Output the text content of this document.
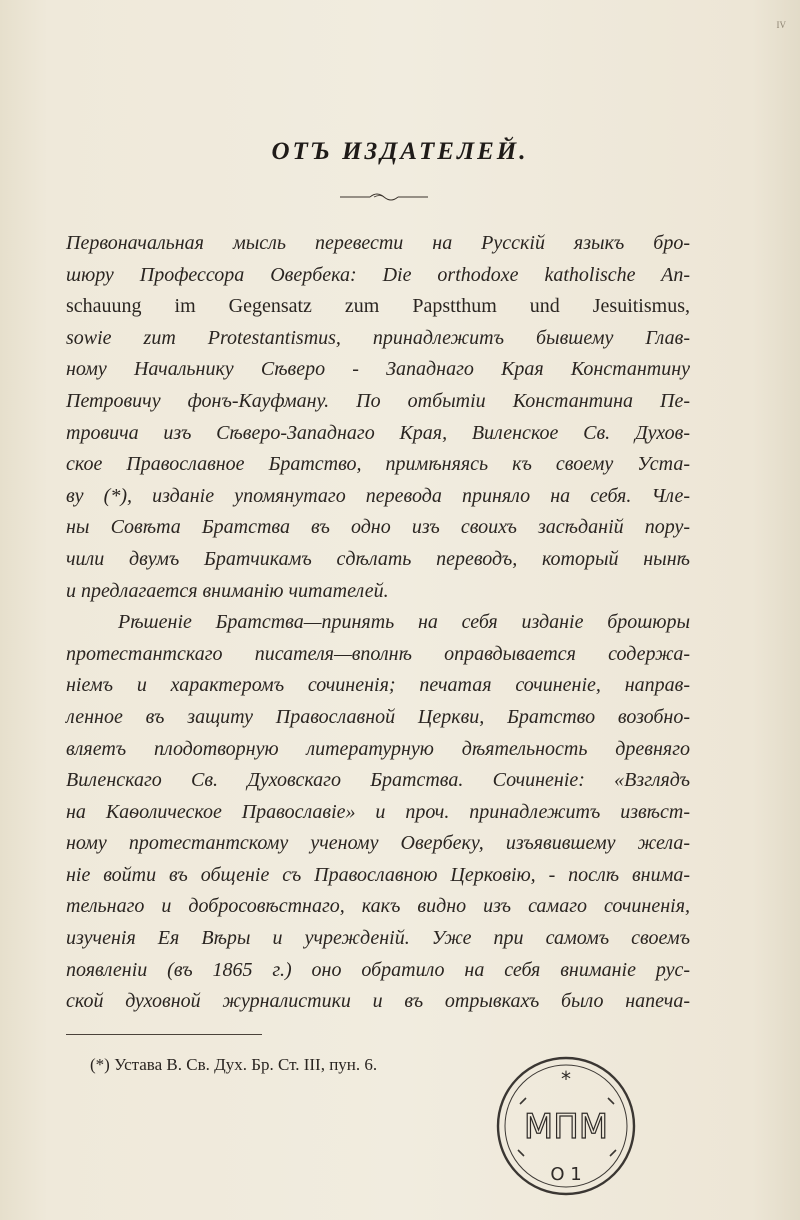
IV
ОТЪ ИЗДАТЕЛЕЙ.
Первоначальная мысль перевести на Русскій языкъ бро-
шюру Профессора Овербека: Die orthodoxe katholische An-
schauung im Gegensatz zum Papstthum und Jesuitismus,
sowie zum Protestantismus, принадлежитъ бывшему Глав-
ному Начальнику Сѣверо - Западнаго Края Константину
Петровичу фонъ-Кауфману. По отбытіи Константина Пе-
тровича изъ Сѣверо-Западнаго Края, Виленское Св. Духов-
ское Православное Братство, примѣняясь къ своему Уста-
ву (*), изданіе упомянутаго перевода приняло на себя. Чле-
ны Совѣта Братства въ одно изъ своихъ засѣданій пору-
чили двумъ Братчикамъ сдѣлать переводъ, который нынѣ
и предлагается вниманію читателей.
Рѣшеніе Братства—принять на себя изданіе брошюры
протестантскаго писателя—вполнѣ оправдывается содержа-
ніемъ и характеромъ сочиненія; печатая сочиненіе, направ-
ленное въ защиту Православной Церкви, Братство возобно-
вляетъ плодотворную литературную дѣятельность древняго
Виленскаго Св. Духовскаго Братства. Сочиненіе: «Взглядъ
на Каѳолическое Православіе» и проч. принадлежитъ извѣст-
ному протестантскому ученому Овербеку, изъявившему жела-
ніе войти въ общеніе съ Православною Церковію, - послѣ внима-
тельнаго и добросовѣстнаго, какъ видно изъ самаго сочиненія,
изученія Ея Вѣры и учрежденій. Уже при самомъ своемъ
появленіи (въ 1865 г.) оно обратило на себя вниманіе рус-
ской духовной журналистики и въ отрывкахъ было напеча-
(*) Устава В. Св. Дух. Бр. Ст. III, пун. 6.
*
МПМ
О 1
